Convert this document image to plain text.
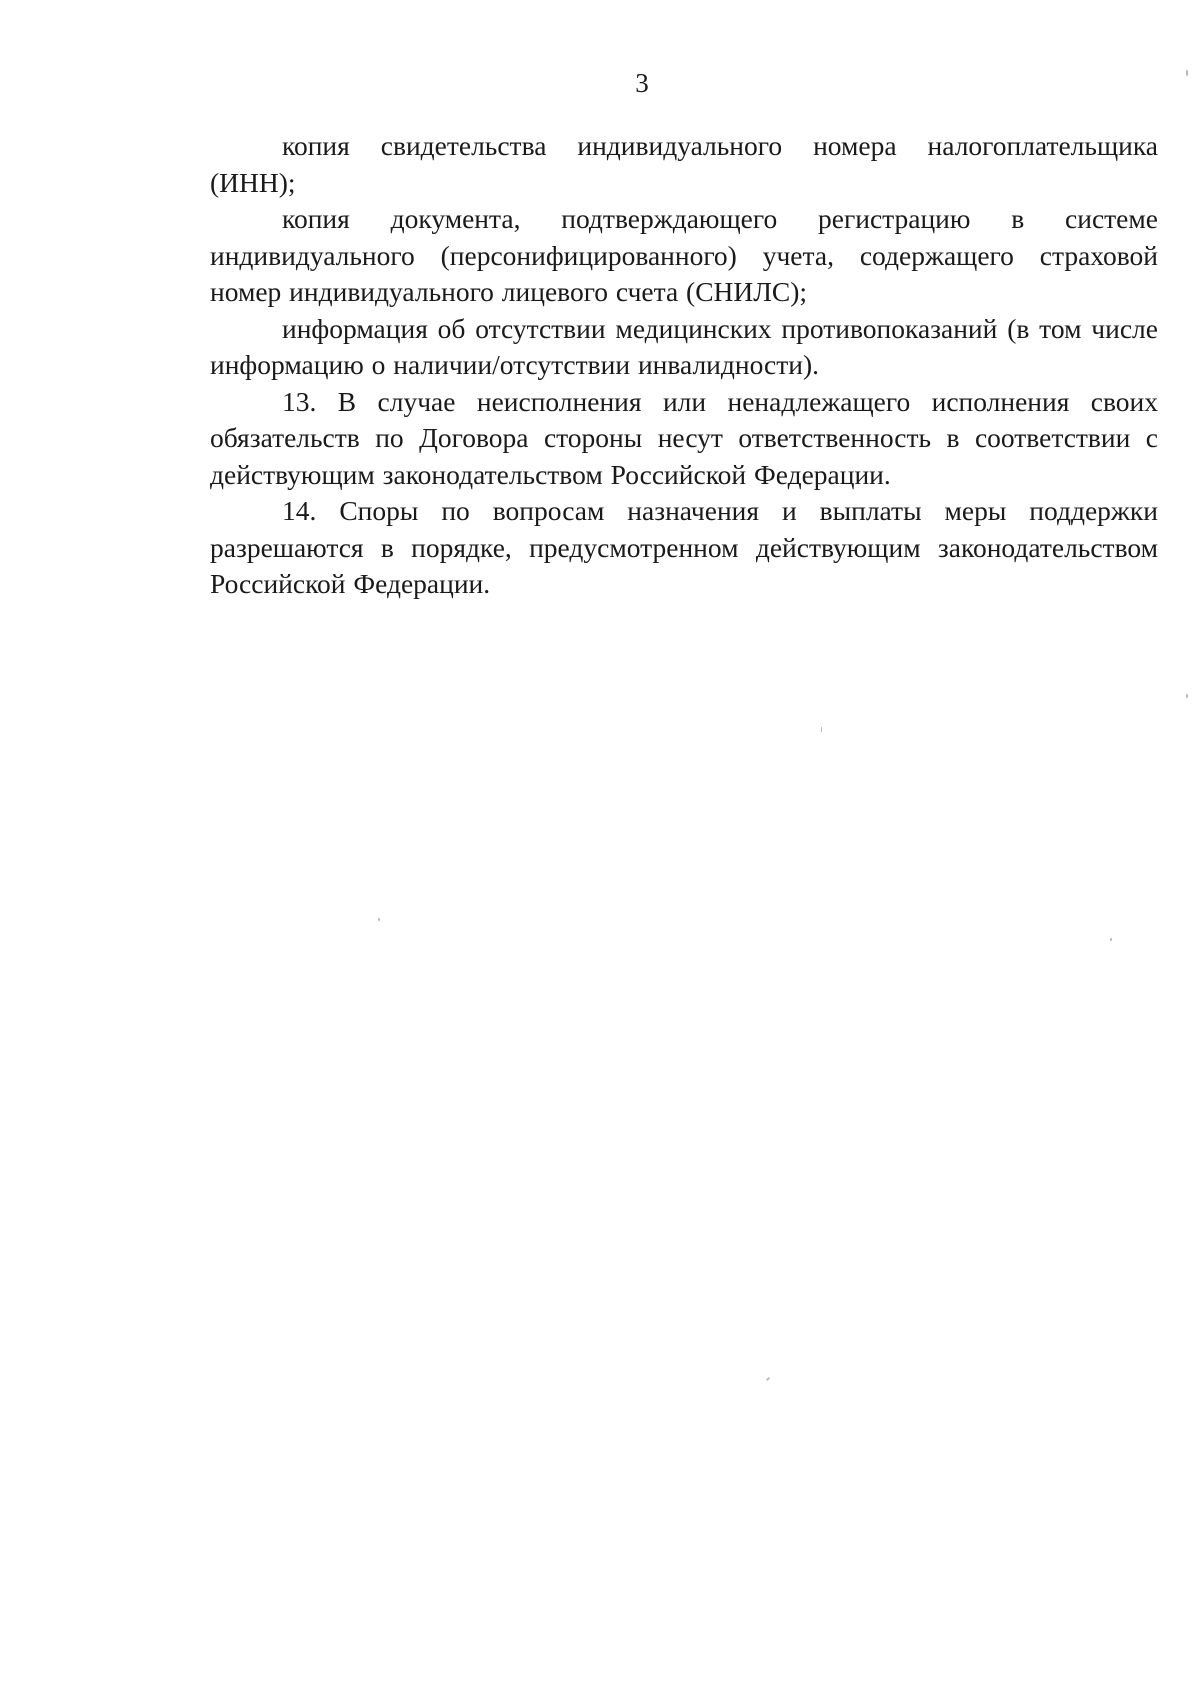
3

копия свидетельства индивидуального номера налогоплательщика (ИНН);

копия документа, подтверждающего регистрацию в системе индивидуального (персонифицированного) учета, содержащего страховой номер индивидуального лицевого счета (СНИЛС);

информация об отсутствии медицинских противопоказаний (в том числе информацию о наличии/отсутствии инвалидности).

13. В случае неисполнения или ненадлежащего исполнения своих обязательств по Договора стороны несут ответственность в соответствии с действующим законодательством Российской Федерации.

14. Споры по вопросам назначения и выплаты меры поддержки разрешаются в порядке, предусмотренном действующим законодательством Российской Федерации.
